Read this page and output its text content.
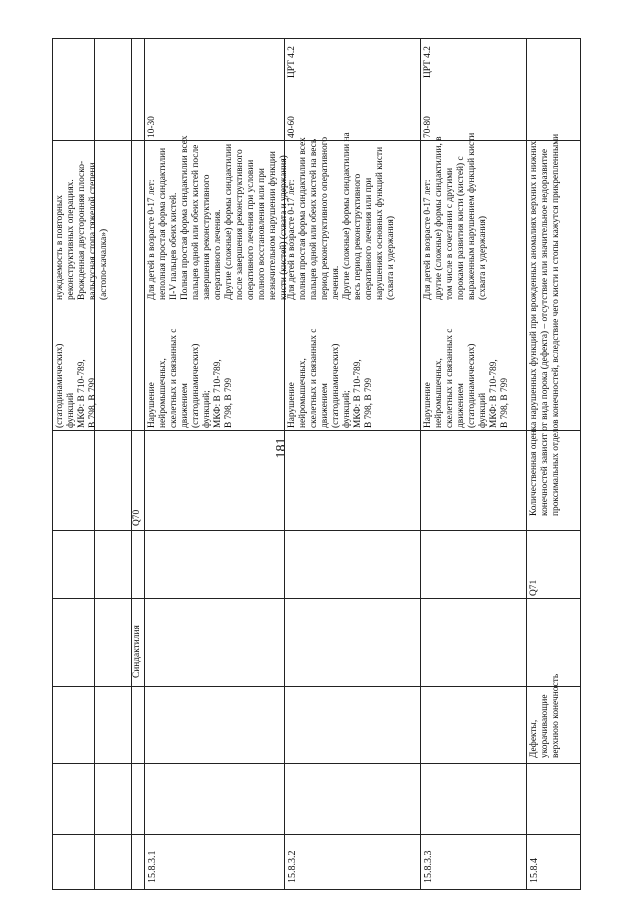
181
(статодинамических) функций МКФ: В 710-789, В 798, В 799
нуждаемость в повторных реконструктивных операциях. Врожденная двусторонняя плоско- вальгусная стопа тяжелой степени (астопо-качалка»)
Синдактилия
Q70
15.8.3.1
Нарушение нейромышечных, скелетных и связанных с движением (статодинамических) функций; МКФ: В 710-789, В 798, В 799
Для детей в возрасте 0-17 лет: неполная простая форма синдактилии II-V пальцев обеих кистей. Полная простая форма синдактилии всех пальцев одной или обеих кистей после завершения реконструктивного оперативного лечения. Другие (сложные) формы синдактилии после завершения реконструктивного оперативного лечения при условии полного восстановления или при незначительном нарушении функции кисти (кистей) (схвата и удержания)
10-30
15.8.3.2
Нарушение нейромышечных, скелетных и связанных с движением (статодинамических) функций; МКФ: В 710-789, В 798, В 799
Для детей в возрасте 0-17 лет: полная простая форма синдактилии всех пальцев одной или обеих кистей на весь период реконструктивного оперативного лечения. Другие (сложные) формы синдактилии на весь период реконструктивного оперативного лечения или при нарушениях основных функций кисти (схвата и удержания)
40-60
ЦРТ 4.2
15.8.3.3
Нарушение нейромышечных, скелетных и связанных с движением (статодинамических) функций МКФ: В 710-789, В 798, В 799
Для детей в возрасте 0-17 лет: другие (сложные) формы синдактилии, в том числе в сочетании с другими пороками развития кисти (кистей) с выраженным нарушением функций кисти (схвата и удержания)
70-80
ЦРТ 4.2
15.8.4
Дефекты, укорачивающие верхнюю конечность
Q71
Количественная оценка нарушенных функций при врожденных аномалиях верхних и нижних конечностей зависит от вида порока (дефекта) – отсутствие или значительное недоразвитие проксимальных отделов конечностей, вследствие чего кисти и стопы кажутся прикрепленными
